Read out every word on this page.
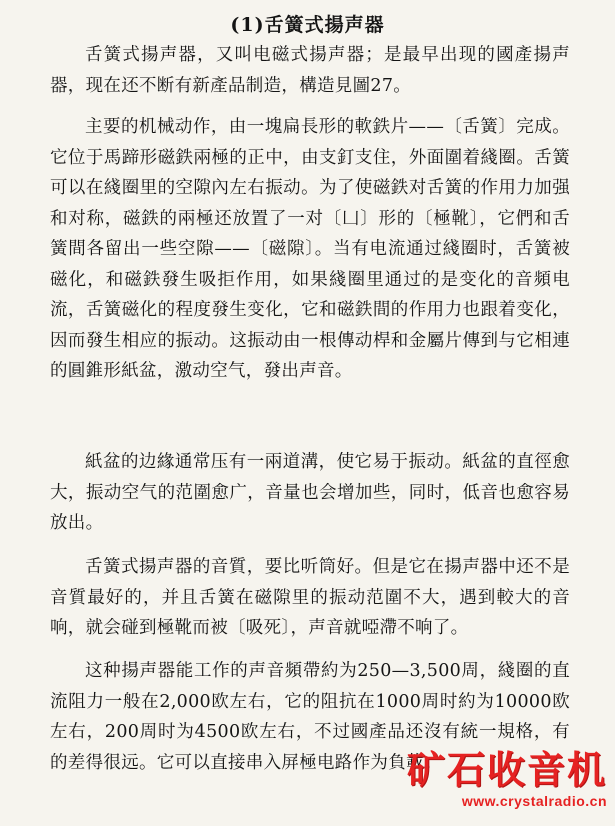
(1)舌簧式揚声器

舌簧式揚声器，又叫电磁式揚声器；是最早出现的國產揚声器，现在还不断有新產品制造，構造見圖27。

主要的机械动作，由一塊扁長形的軟鉄片——〔舌簧〕完成。它位于馬蹄形磁鉄兩極的正中，由支釘支住，外面圍着綫圈。舌簧可以在綫圈里的空隙內左右振动。为了使磁鉄对舌簧的作用力加强和对称，磁鉄的兩極还放置了一对〔凵〕形的〔極靴〕，它們和舌簧間各留出一些空隙——〔磁隙〕。当有电流通过綫圈时，舌簧被磁化，和磁鉄發生吸拒作用，如果綫圈里通过的是变化的音頻电流，舌簧磁化的程度發生变化，它和磁鉄間的作用力也跟着变化，因而發生相应的振动。这振动由一根傳动桿和金屬片傳到与它相連的圓錐形紙盆，激动空气，發出声音。

紙盆的边緣通常压有一兩道溝，使它易于振动。紙盆的直徑愈大，振动空气的范圍愈广，音量也会增加些，同时，低音也愈容易放出。

舌簧式揚声器的音質，要比听筒好。但是它在揚声器中还不是音質最好的，并且舌簧在磁隙里的振动范圍不大，遇到較大的音响，就会碰到極靴而被〔吸死〕，声音就啞滯不响了。

这种揚声器能工作的声音頻帶約为250—3,500周，綫圈的直流阻力一般在2,000欧左右，它的阻抗在1000周时約为10000欧左右，200周时为4500欧左右，不过國產品还沒有統一規格，有的差得很远。它可以直接串入屏極电路作为負載。

矿石收音机
www.crystalradio.cn
